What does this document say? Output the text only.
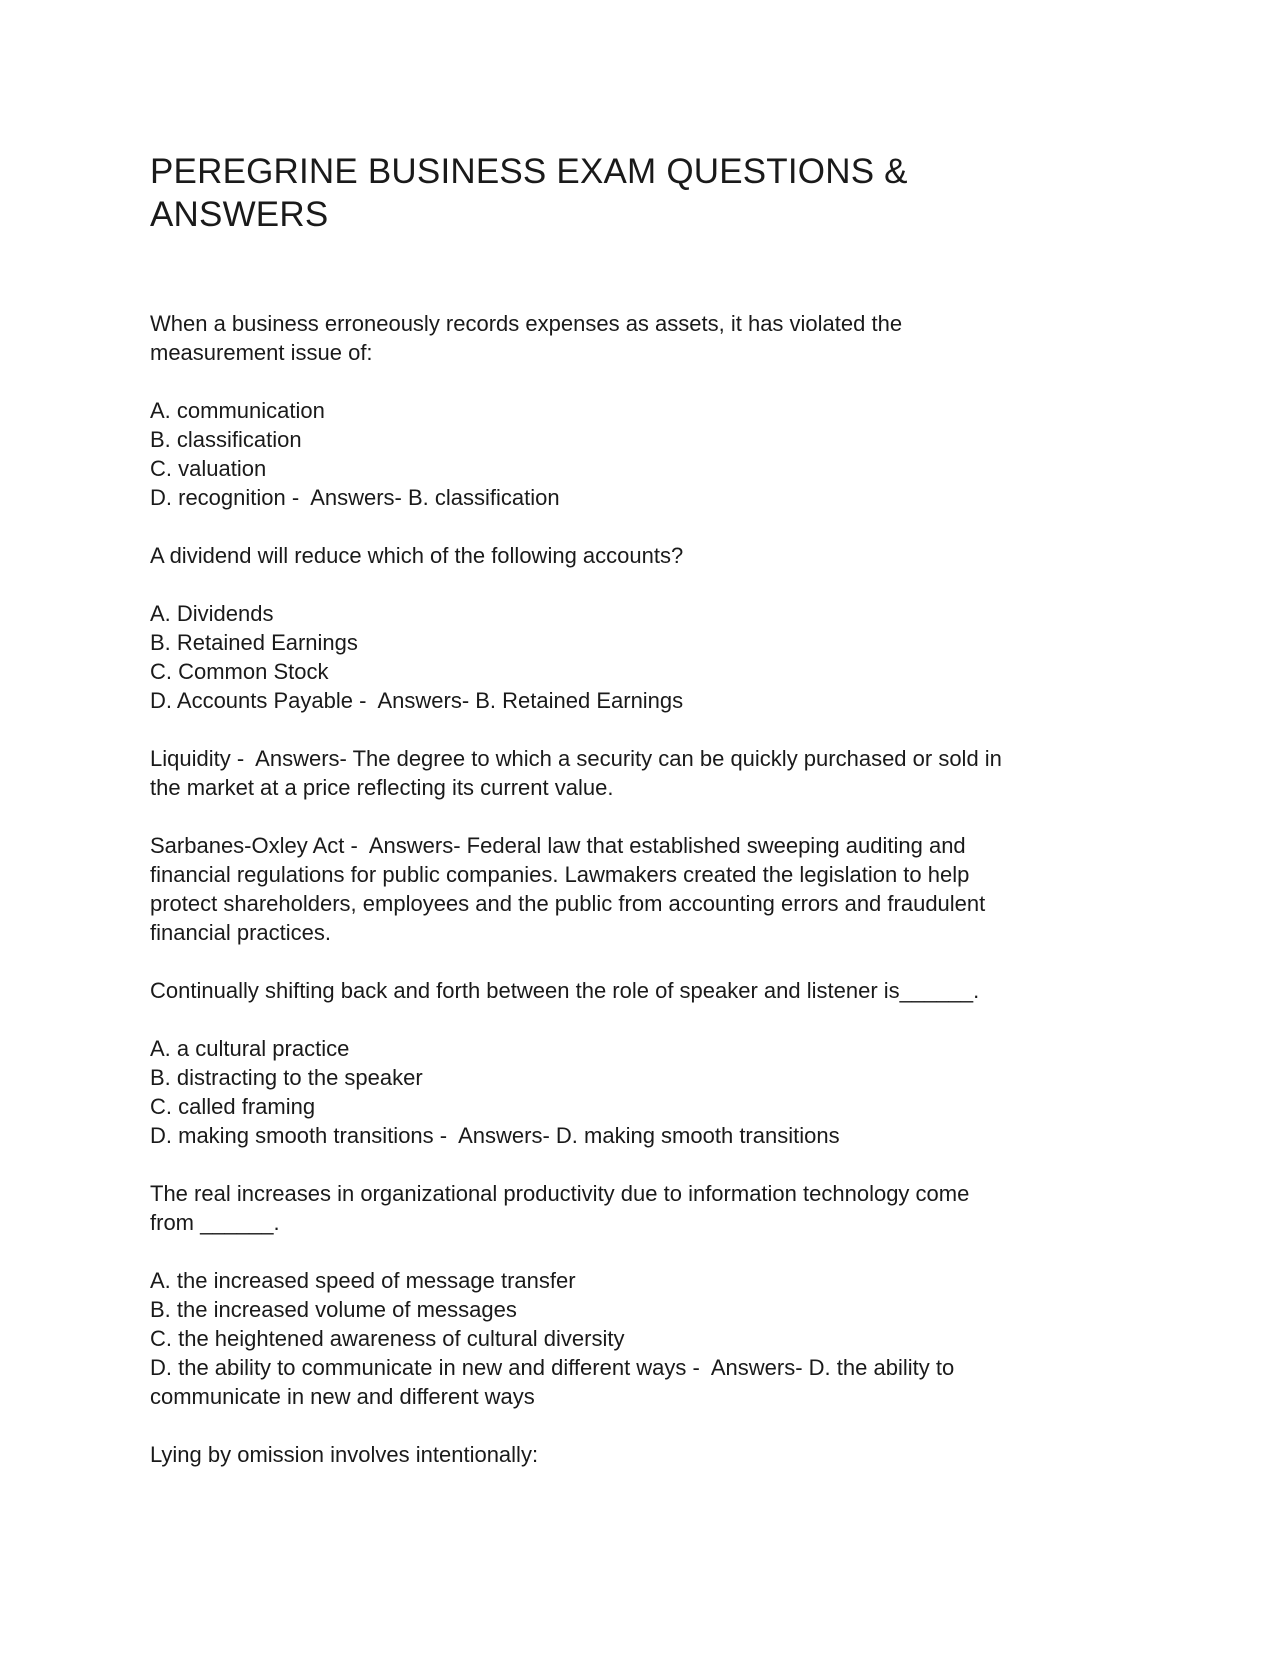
PEREGRINE BUSINESS EXAM QUESTIONS &
ANSWERS

When a business erroneously records expenses as assets, it has violated the

measurement issue of:

A. communication

B. classification

C. valuation

D. recognition -  Answers- B. classification

A dividend will reduce which of the following accounts?

A. Dividends

B. Retained Earnings

C. Common Stock

D. Accounts Payable -  Answers- B. Retained Earnings

Liquidity -  Answers- The degree to which a security can be quickly purchased or sold in

the market at a price reflecting its current value.

Sarbanes-Oxley Act -  Answers- Federal law that established sweeping auditing and

financial regulations for public companies. Lawmakers created the legislation to help

protect shareholders, employees and the public from accounting errors and fraudulent

financial practices.

Continually shifting back and forth between the role of speaker and listener is______.

A. a cultural practice

B. distracting to the speaker

C. called framing

D. making smooth transitions -  Answers- D. making smooth transitions

The real increases in organizational productivity due to information technology come

from ______.

A. the increased speed of message transfer

B. the increased volume of messages

C. the heightened awareness of cultural diversity

D. the ability to communicate in new and different ways -  Answers- D. the ability to

communicate in new and different ways

Lying by omission involves intentionally:
